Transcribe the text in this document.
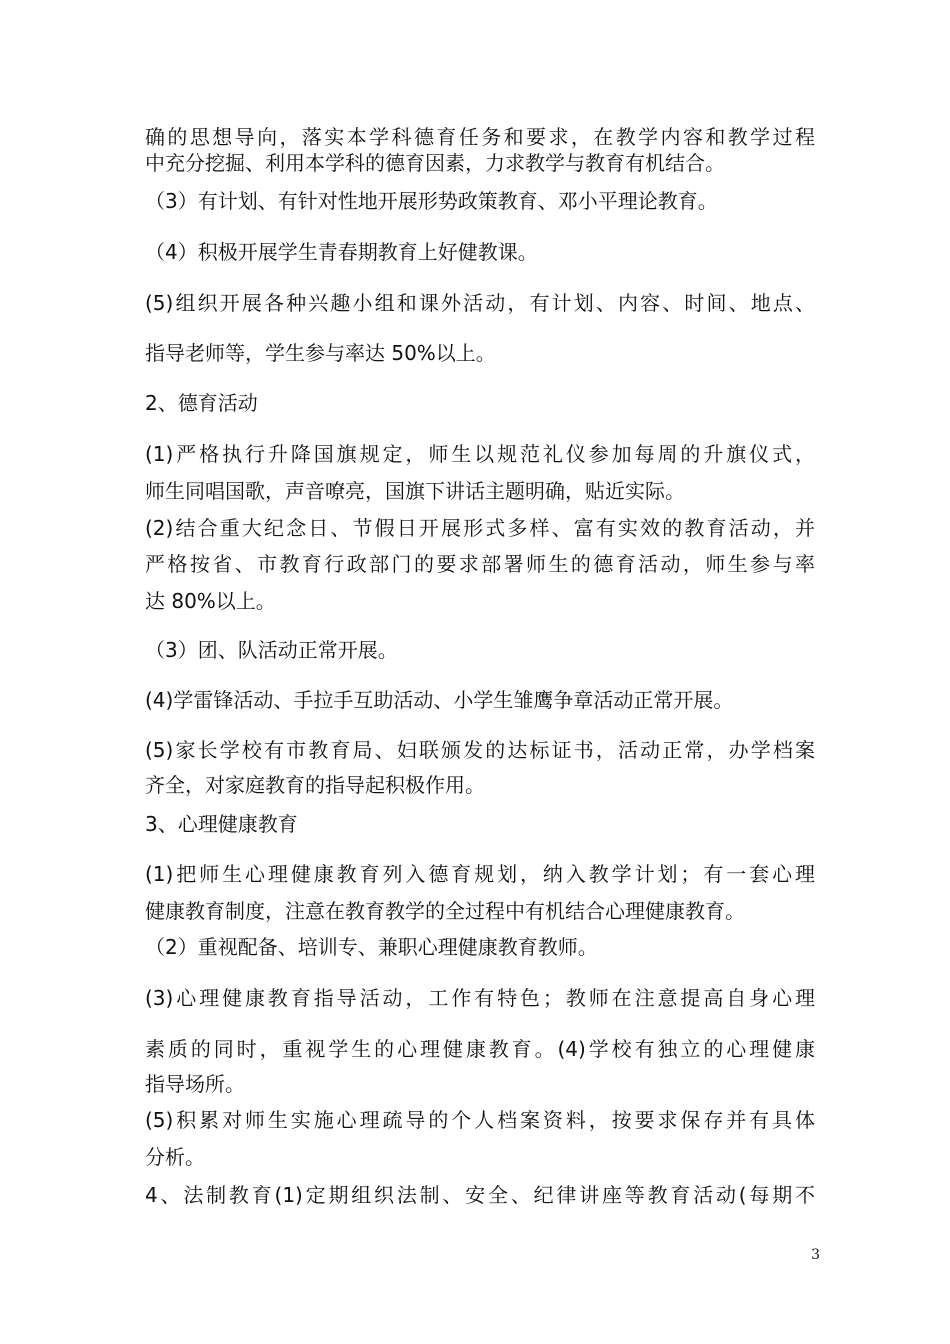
确的思想导向，落实本学科德育任务和要求，在教学内容和教学过程
中充分挖掘、利用本学科的德育因素，力求教学与教育有机结合。
（3）有计划、有针对性地开展形势政策教育、邓小平理论教育。
（4）积极开展学生青春期教育上好健教课。
(5)组织开展各种兴趣小组和课外活动，有计划、内容、时间、地点、
指导老师等，学生参与率达 50%以上。
2、德育活动
(1)严格执行升降国旗规定，师生以规范礼仪参加每周的升旗仪式，
师生同唱国歌，声音嘹亮，国旗下讲话主题明确，贴近实际。
(2)结合重大纪念日、节假日开展形式多样、富有实效的教育活动，并
严格按省、市教育行政部门的要求部署师生的德育活动，师生参与率
达 80%以上。
（3）团、队活动正常开展。
(4)学雷锋活动、手拉手互助活动、小学生雏鹰争章活动正常开展。
(5)家长学校有市教育局、妇联颁发的达标证书，活动正常，办学档案
齐全，对家庭教育的指导起积极作用。
3、心理健康教育
(1)把师生心理健康教育列入德育规划，纳入教学计划；有一套心理
健康教育制度，注意在教育教学的全过程中有机结合心理健康教育。
（2）重视配备、培训专、兼职心理健康教育教师。
(3)心理健康教育指导活动，工作有特色；教师在注意提高自身心理
素质的同时，重视学生的心理健康教育。(4)学校有独立的心理健康
指导场所。
(5)积累对师生实施心理疏导的个人档案资料，按要求保存并有具体
分析。
4、法制教育(1)定期组织法制、安全、纪律讲座等教育活动(每期不
3
